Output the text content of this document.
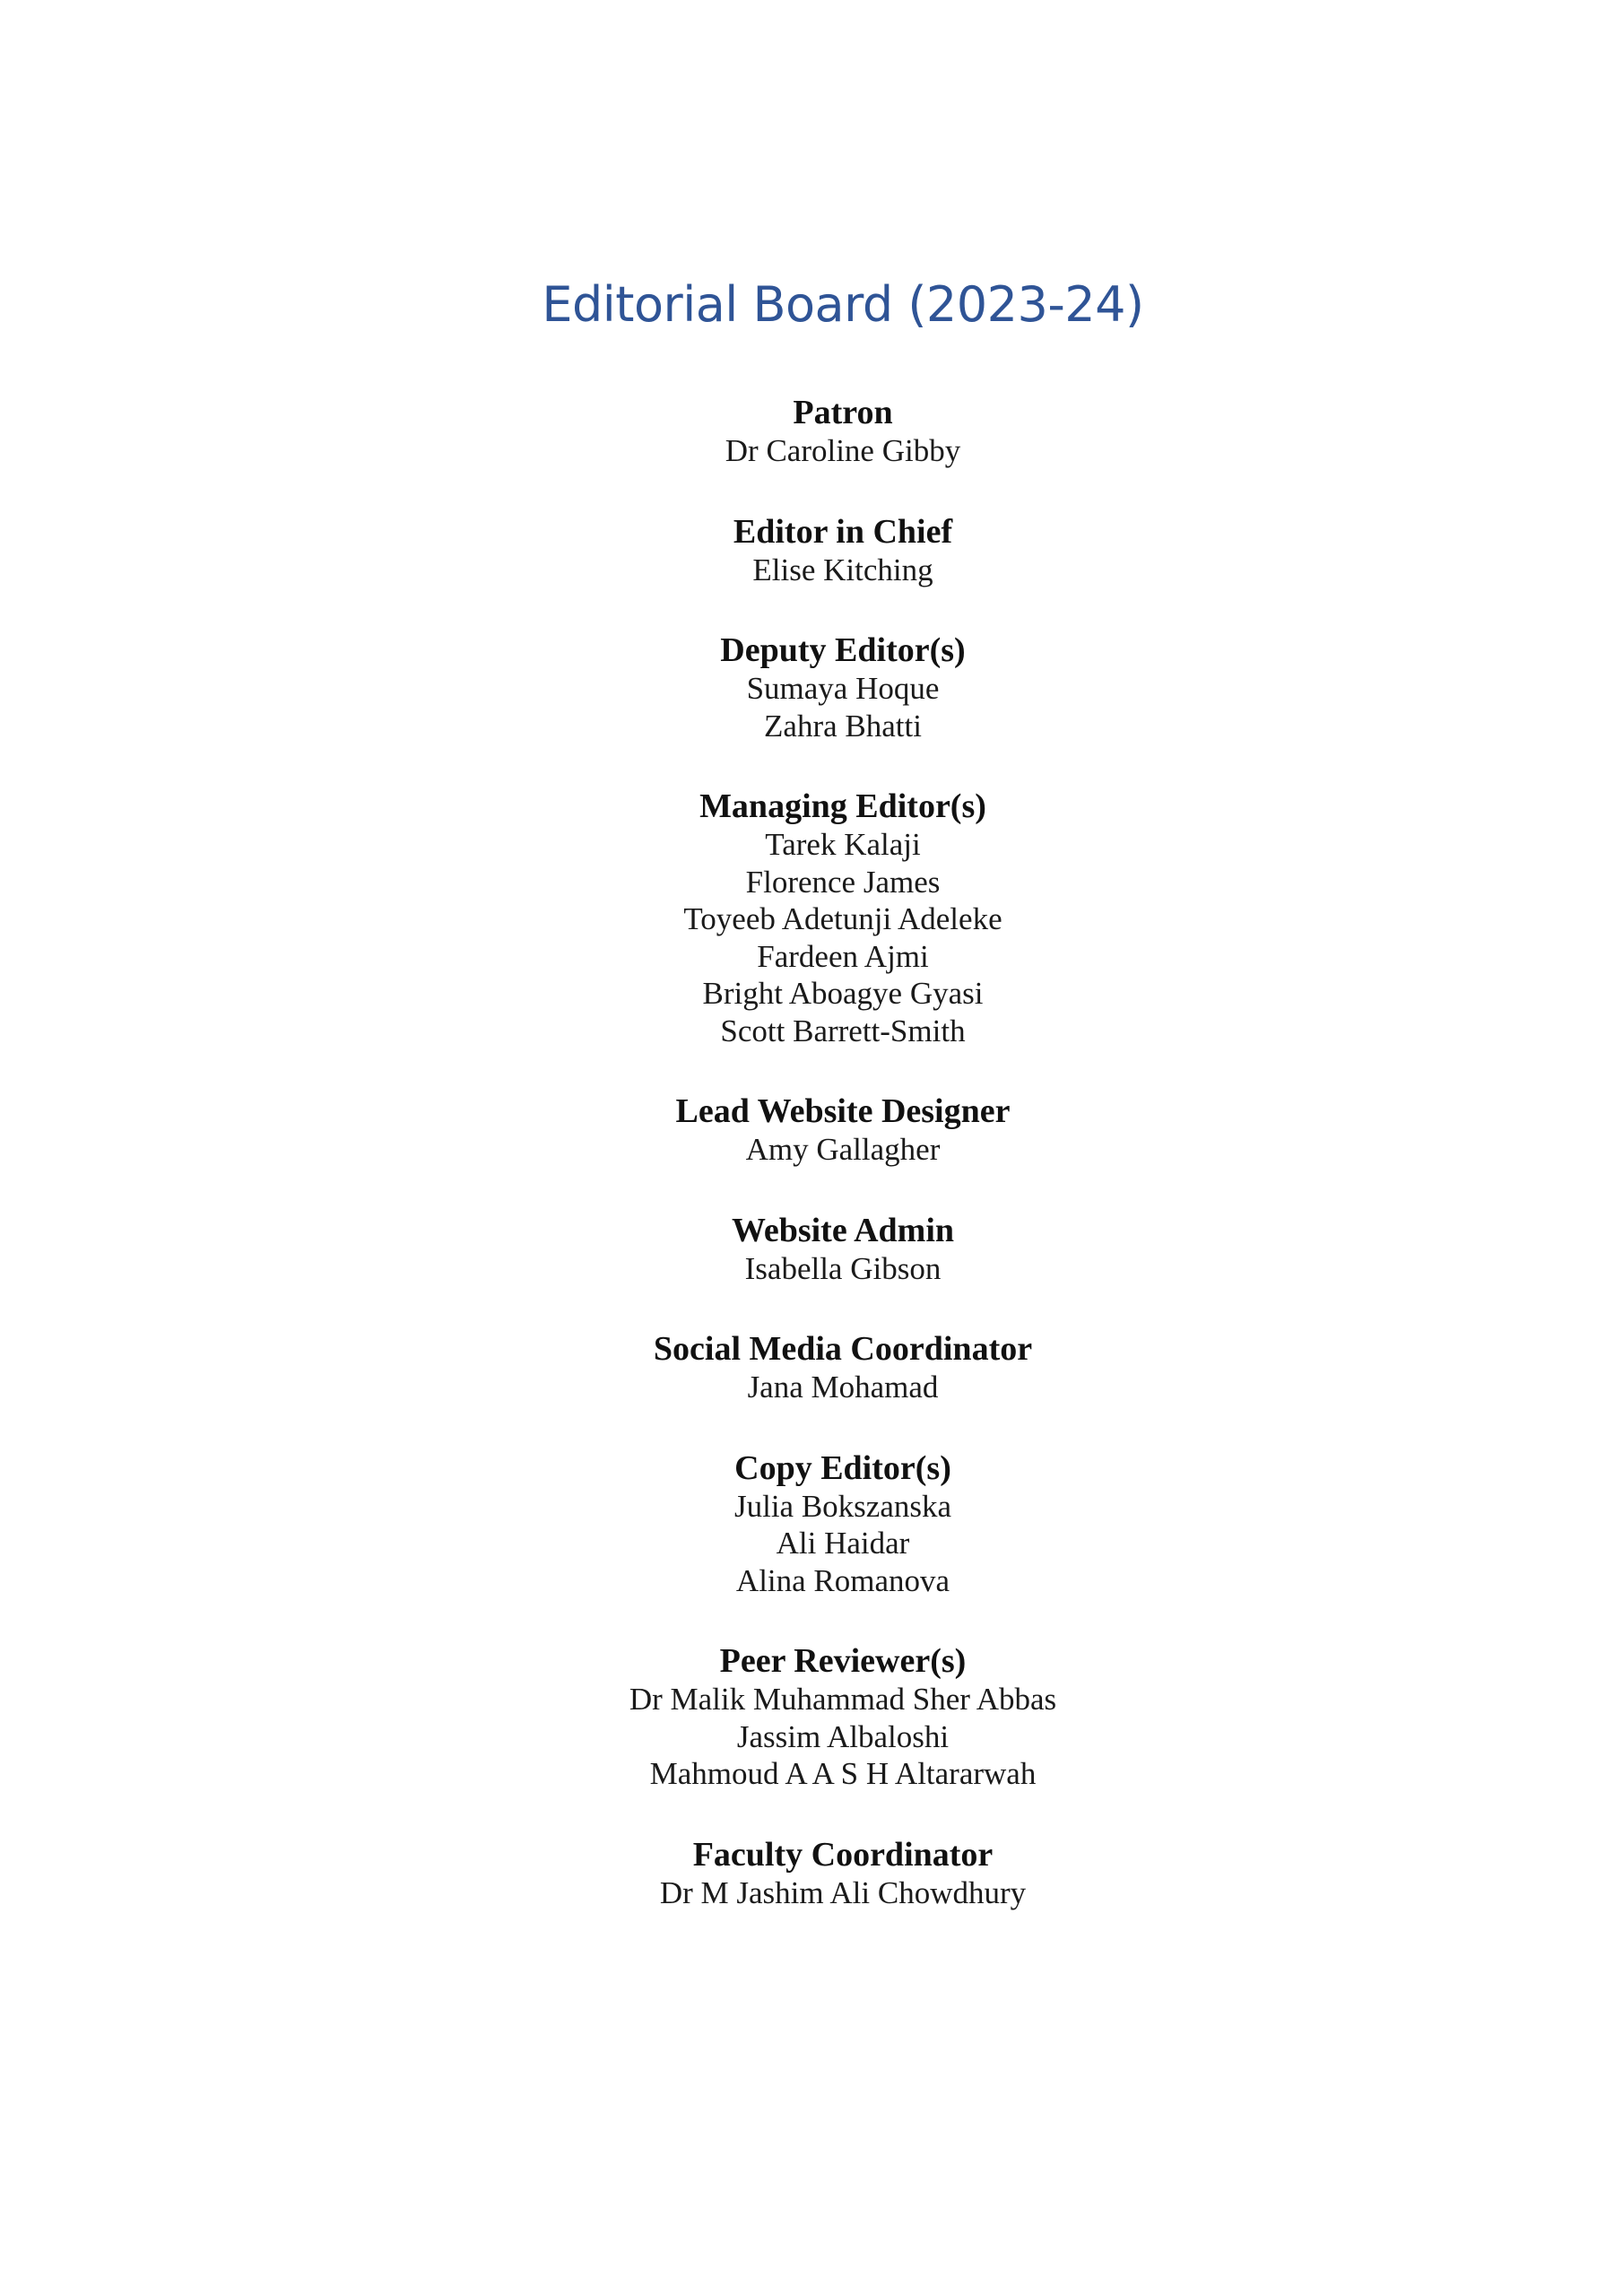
Editorial Board (2023-24)

Patron

Dr Caroline Gibby

Editor in Chief

Elise Kitching

Deputy Editor(s)

Sumaya Hoque

Zahra Bhatti

Managing Editor(s)

Tarek Kalaji

Florence James

Toyeeb Adetunji Adeleke

Fardeen Ajmi

Bright Aboagye Gyasi

Scott Barrett-Smith

Lead Website Designer

Amy Gallagher

Website Admin

Isabella Gibson

Social Media Coordinator

Jana Mohamad

Copy Editor(s)

Julia Bokszanska

Ali Haidar

Alina Romanova

Peer Reviewer(s)

Dr Malik Muhammad Sher Abbas

Jassim Albaloshi

Mahmoud A A S H Altararwah

Faculty Coordinator

Dr M Jashim Ali Chowdhury
